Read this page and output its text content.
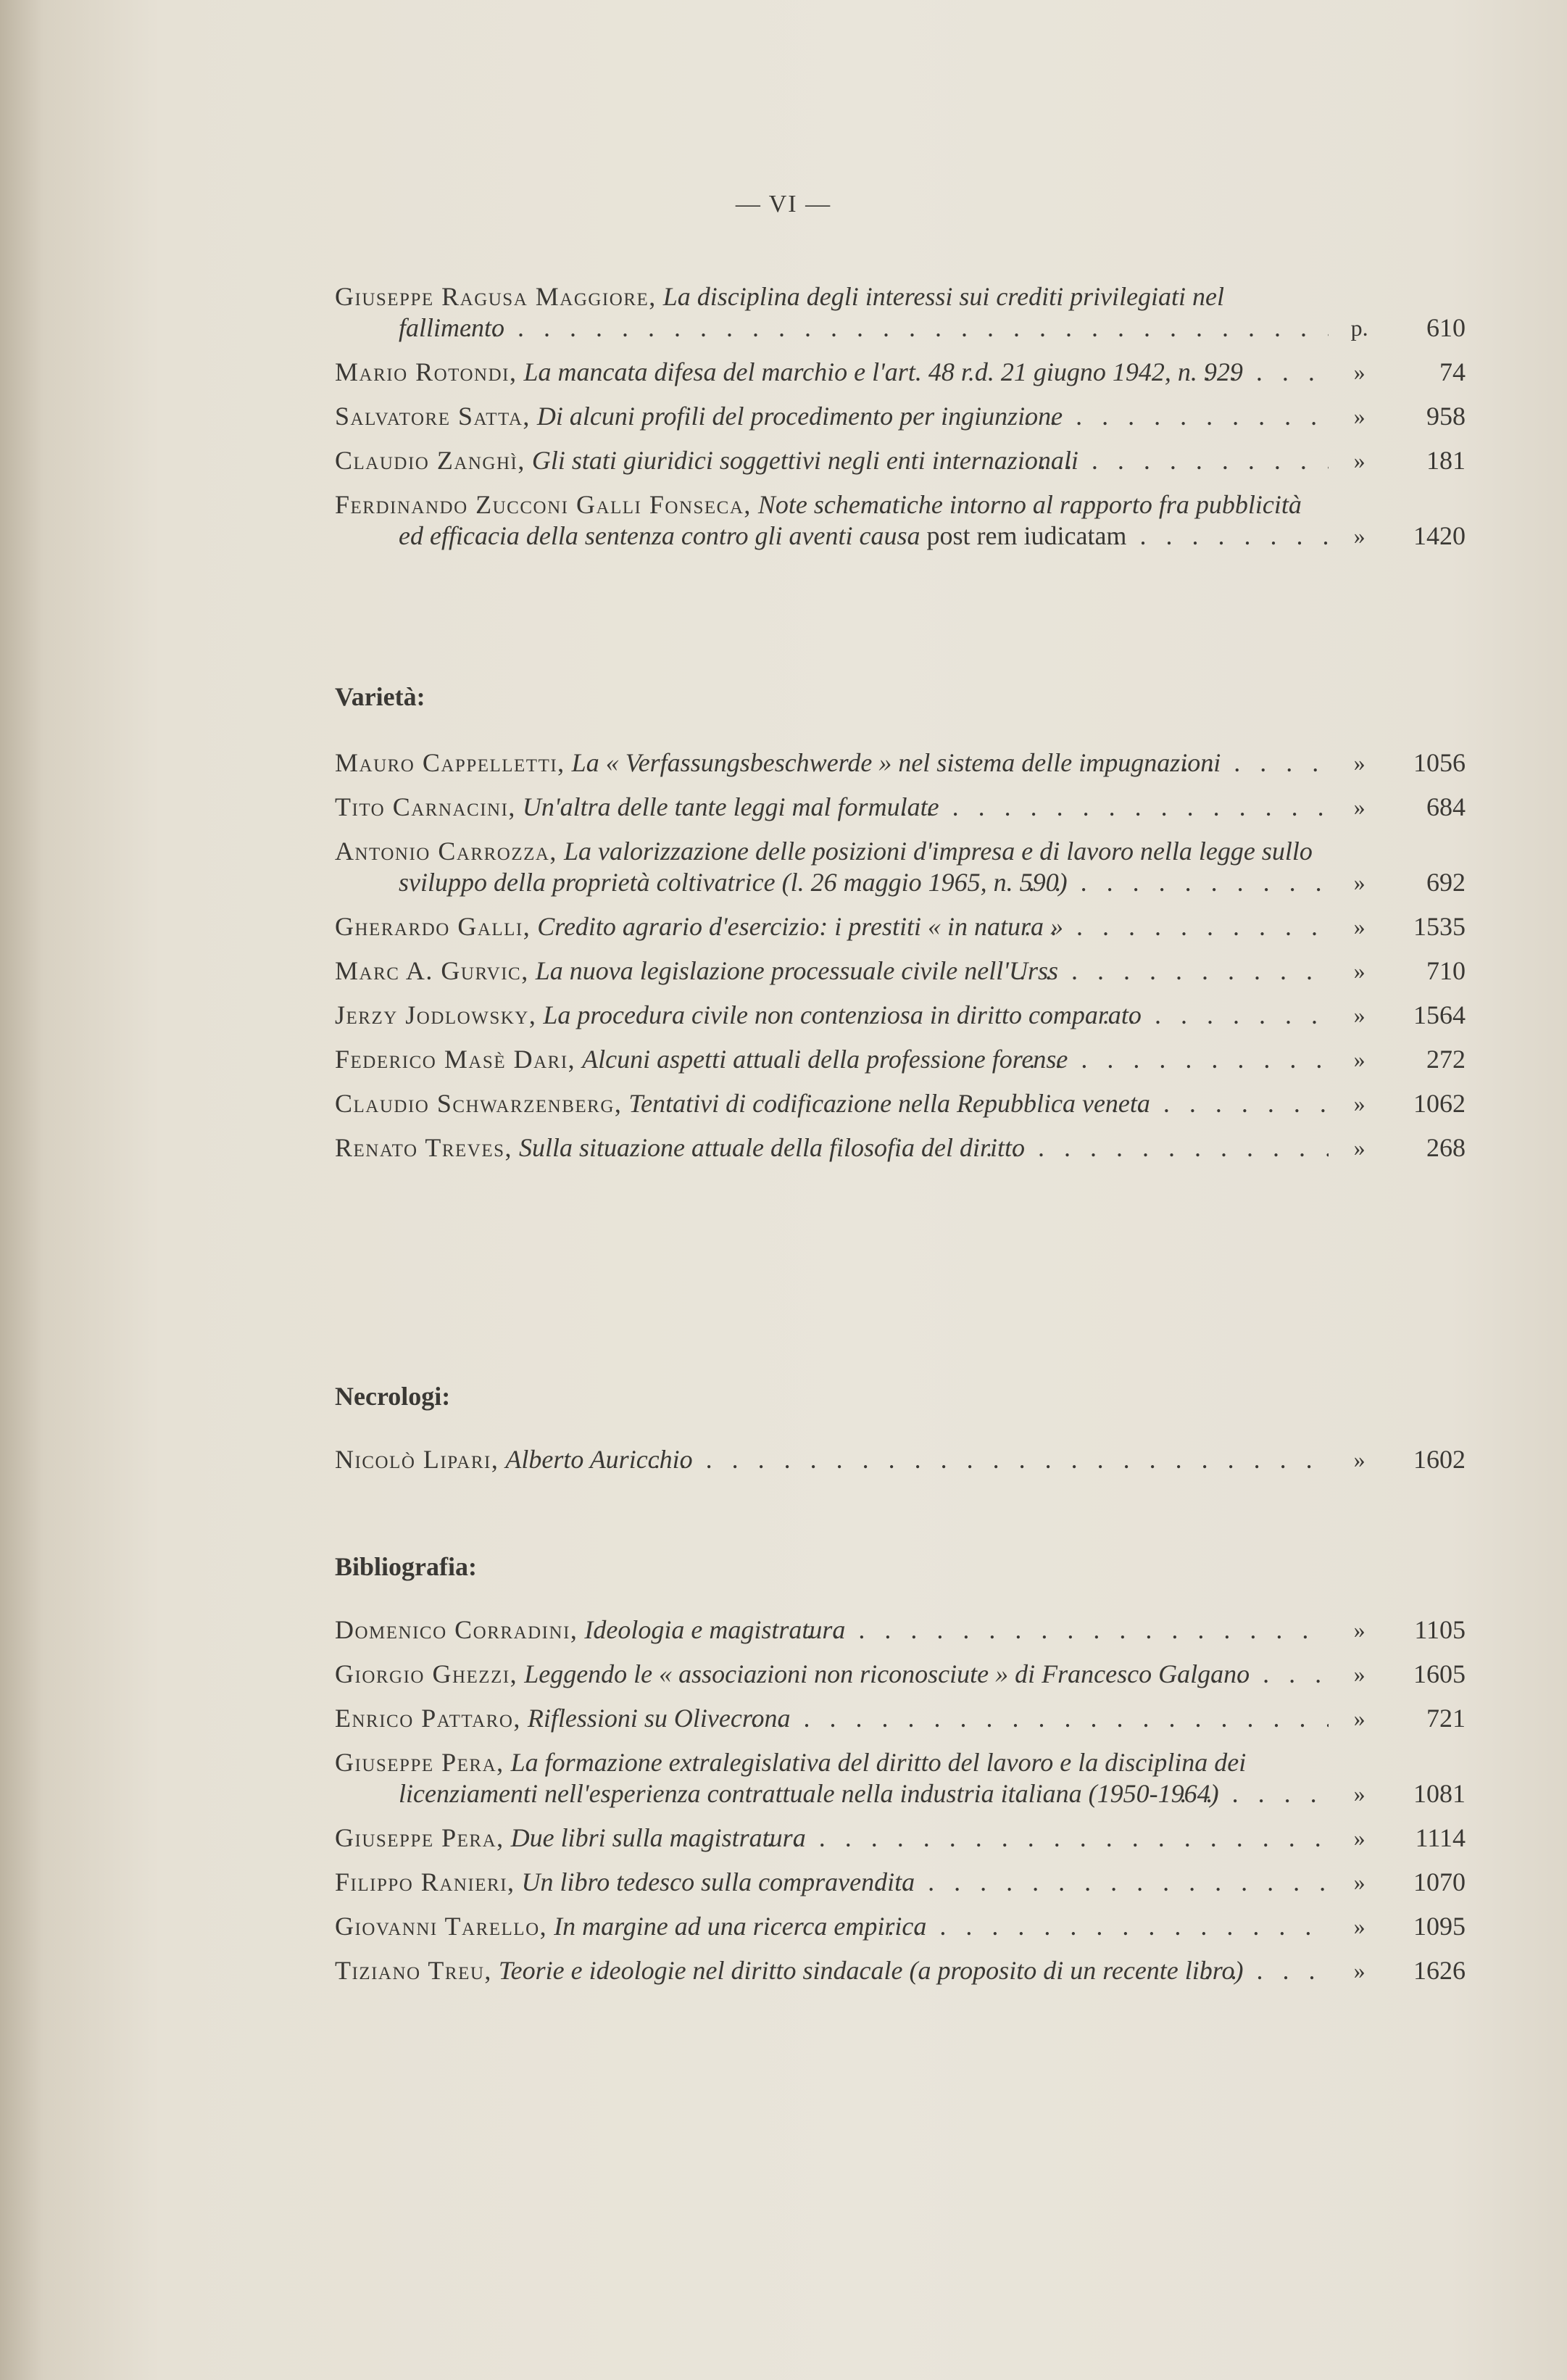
— VI —
Giuseppe Ragusa Maggiore, La disciplina degli interessi sui crediti privilegiati nel fallimento . .	p.	610
Mario Rotondi, La mancata difesa del marchio e l'art. 48 r.d. 21 giugno 1942, n. 929 . .	»	74
Salvatore Satta, Di alcuni profili del procedimento per ingiunzione . .	»	958
Claudio Zanghì, Gli stati giuridici soggettivi negli enti internazionali . .	»	181
Ferdinando Zucconi Galli Fonseca, Note schematiche intorno al rapporto fra pubblicità ed efficacia della sentenza contro gli aventi causa post rem iudicatam . .	»	1420
Varietà:
Mauro Cappelletti, La « Verfassungsbeschwerde » nel sistema delle impugnazioni . .	»	1056
Tito Carnacini, Un'altra delle tante leggi mal formulate . .	»	684
Antonio Carrozza, La valorizzazione delle posizioni d'impresa e di lavoro nella legge sullo sviluppo della proprietà coltivatrice (l. 26 maggio 1965, n. 590) . .	»	692
Gherardo Galli, Credito agrario d'esercizio: i prestiti « in natura » . .	»	1535
Marc A. Gurvic, La nuova legislazione processuale civile nell'Urss . .	»	710
Jerzy Jodlowsky, La procedura civile non contenziosa in diritto comparato . .	»	1564
Federico Masè Dari, Alcuni aspetti attuali della professione forense . .	»	272
Claudio Schwarzenberg, Tentativi di codificazione nella Repubblica veneta . .	»	1062
Renato Treves, Sulla situazione attuale della filosofia del diritto . .	»	268
Necrologi:
Nicolò Lipari, Alberto Auricchio . .	»	1602
Bibliografia:
Domenico Corradini, Ideologia e magistratura . .	»	1105
Giorgio Ghezzi, Leggendo le « associazioni non riconosciute » di Francesco Galgano . .	»	1605
Enrico Pattaro, Riflessioni su Olivecrona . .	»	721
Giuseppe Pera, La formazione extralegislativa del diritto del lavoro e la disciplina dei licenziamenti nell'esperienza contrattuale nella industria italiana (1950-1964) . .	»	1081
Giuseppe Pera, Due libri sulla magistratura . .	»	1114
Filippo Ranieri, Un libro tedesco sulla compravendita . .	»	1070
Giovanni Tarello, In margine ad una ricerca empirica . .	»	1095
Tiziano Treu, Teorie e ideologie nel diritto sindacale (a proposito di un recente libro) . .	»	1626
